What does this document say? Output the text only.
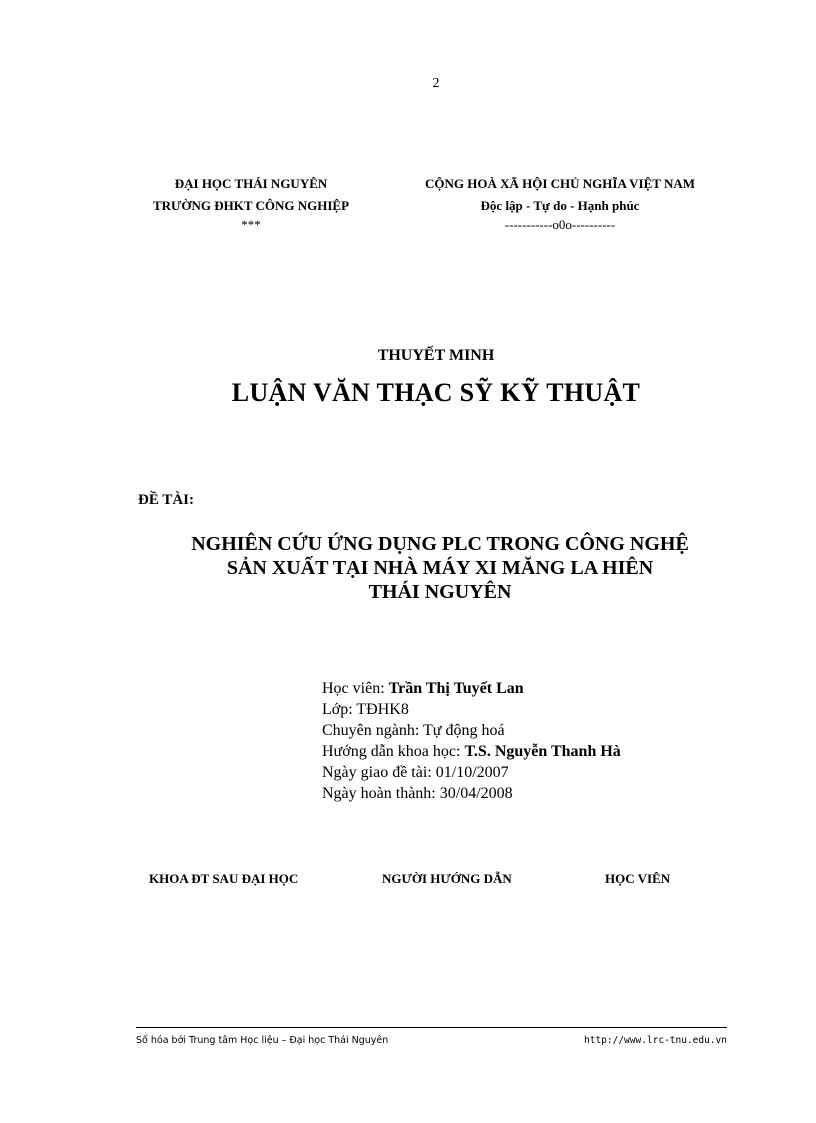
2
ĐẠI HỌC THÁI NGUYÊN
TRƯỜNG ĐHKT CÔNG NGHIỆP
***
CỘNG HOÀ XÃ HỘI CHỦ NGHĨA VIỆT NAM
Độc lập - Tự do - Hạnh phúc
-----------o0o----------
THUYẾT MINH
LUẬN VĂN THẠC SỸ KỸ THUẬT
ĐỀ TÀI:
NGHIÊN CỨU ỨNG DỤNG PLC TRONG CÔNG NGHỆ
SẢN XUẤT TẠI NHÀ MÁY XI MĂNG LA HIÊN
THÁI NGUYÊN
Học viên: Trần Thị Tuyết Lan
Lớp: TĐHK8
Chuyên ngành: Tự động hoá
Hướng dẫn khoa học: T.S. Nguyễn Thanh Hà
Ngày giao đề tài: 01/10/2007
Ngày hoàn thành: 30/04/2008
KHOA ĐT SAU ĐẠI HỌC	NGƯỜI HƯỚNG DẪN	HỌC VIÊN
Số hóa bởi Trung tâm Học liệu – Đại học Thái Nguyên	http://www.lrc-tnu.edu.vn
